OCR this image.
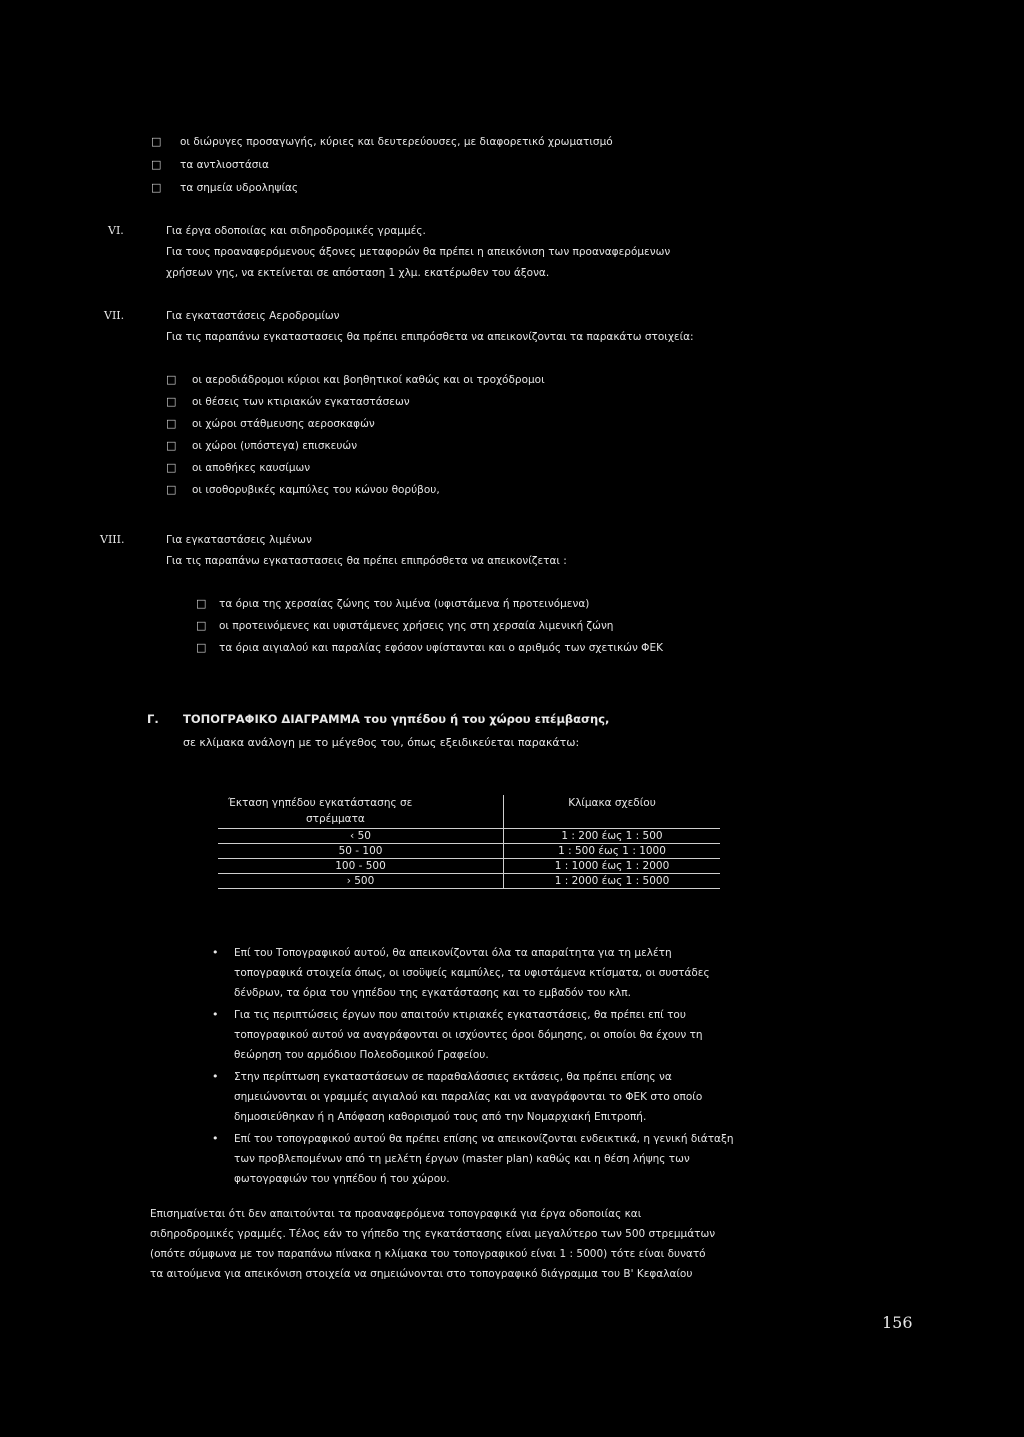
□ οι διώρυγες προσαγωγής, κύριες και δευτερεύουσες, με διαφορετικό χρωματισμό
□ τα αντλιοστάσια
□ τα σημεία υδροληψίας
VI.	Για έργα οδοποιίας και σιδηροδρομικές γραμμές.
Για τους προαναφερόμενους άξονες μεταφορών θα πρέπει η απεικόνιση των προαναφερόμενων
χρήσεων γης, να εκτείνεται σε απόσταση 1 χλμ. εκατέρωθεν του άξονα.
VII.	Για εγκαταστάσεις Αεροδρομίων
Για τις παραπάνω εγκαταστασεις θα πρέπει επιπρόσθετα να απεικονίζονται τα παρακάτω στοιχεία:
□ οι αεροδιάδρομοι κύριοι και βοηθητικοί καθώς και οι τροχόδρομοι
□ οι θέσεις των κτιριακών εγκαταστάσεων
□ οι χώροι στάθμευσης αεροσκαφών
□ οι χώροι (υπόστεγα) επισκευών
□ οι αποθήκες καυσίμων
□ οι ισοθορυβικές καμπύλες του κώνου θορύβου,
VIII.	Για εγκαταστάσεις λιμένων
Για τις παραπάνω εγκαταστασεις θα πρέπει επιπρόσθετα να απεικονίζεται :
□ τα όρια της χερσαίας ζώνης του λιμένα (υφιστάμενα ή προτεινόμενα)
□ οι προτεινόμενες και υφιστάμενες χρήσεις γης στη χερσαία λιμενική ζώνη
□ τα όρια αιγιαλού και παραλίας εφόσον υφίστανται και ο αριθμός των σχετικών ΦΕΚ
Γ. ΤΟΠΟΓΡΑΦΙΚΟ ΔΙΑΓΡΑΜΜΑ του γηπέδου ή του χώρου επέμβασης,
σε κλίμακα ανάλογη με το μέγεθος του, όπως εξειδικεύεται παρακάτω:
Έκταση γηπέδου εγκατάστασης σε
στρέμματα	Κλίμακα σχεδίου
‹ 50	1 : 200 έως 1 : 500
50 - 100	1 : 500 έως 1 : 1000
100 - 500	1 : 1000 έως 1 : 2000
› 500	1 : 2000 έως 1 : 5000
• Επί του Τοπογραφικού αυτού, θα απεικονίζονται όλα τα απαραίτητα για τη μελέτη
τοπογραφικά στοιχεία όπως, οι ισοϋψείς καμπύλες, τα υφιστάμενα κτίσματα, οι συστάδες
δένδρων, τα όρια του γηπέδου της εγκατάστασης και το εμβαδόν του κλπ.
• Για τις περιπτώσεις έργων που απαιτούν κτιριακές εγκαταστάσεις, θα πρέπει επί του
τοπογραφικού αυτού να αναγράφονται οι ισχύοντες όροι δόμησης, οι οποίοι θα έχουν τη
θεώρηση του αρμόδιου Πολεοδομικού Γραφείου.
• Στην περίπτωση εγκαταστάσεων σε παραθαλάσσιες εκτάσεις, θα πρέπει επίσης να
σημειώνονται οι γραμμές αιγιαλού και παραλίας και να αναγράφονται το ΦΕΚ στο οποίο
δημοσιεύθηκαν ή η Απόφαση καθορισμού τους από την Νομαρχιακή Επιτροπή.
• Επί του τοπογραφικού αυτού θα πρέπει επίσης να απεικονίζονται ενδεικτικά, η γενική διάταξη
των προβλεπομένων από τη μελέτη έργων (master plan) καθώς και η θέση λήψης των
φωτογραφιών του γηπέδου ή του χώρου.
Επισημαίνεται ότι δεν απαιτούνται τα προαναφερόμενα τοπογραφικά για έργα οδοποιίας και
σιδηροδρομικές γραμμές. Τέλος εάν το γήπεδο της εγκατάστασης είναι μεγαλύτερο των 500 στρεμμάτων
(οπότε σύμφωνα με τον παραπάνω πίνακα η κλίμακα του τοπογραφικού είναι 1 : 5000) τότε είναι δυνατό
τα αιτούμενα για απεικόνιση στοιχεία να σημειώνονται στο τοπογραφικό διάγραμμα του Β' Κεφαλαίου
156
